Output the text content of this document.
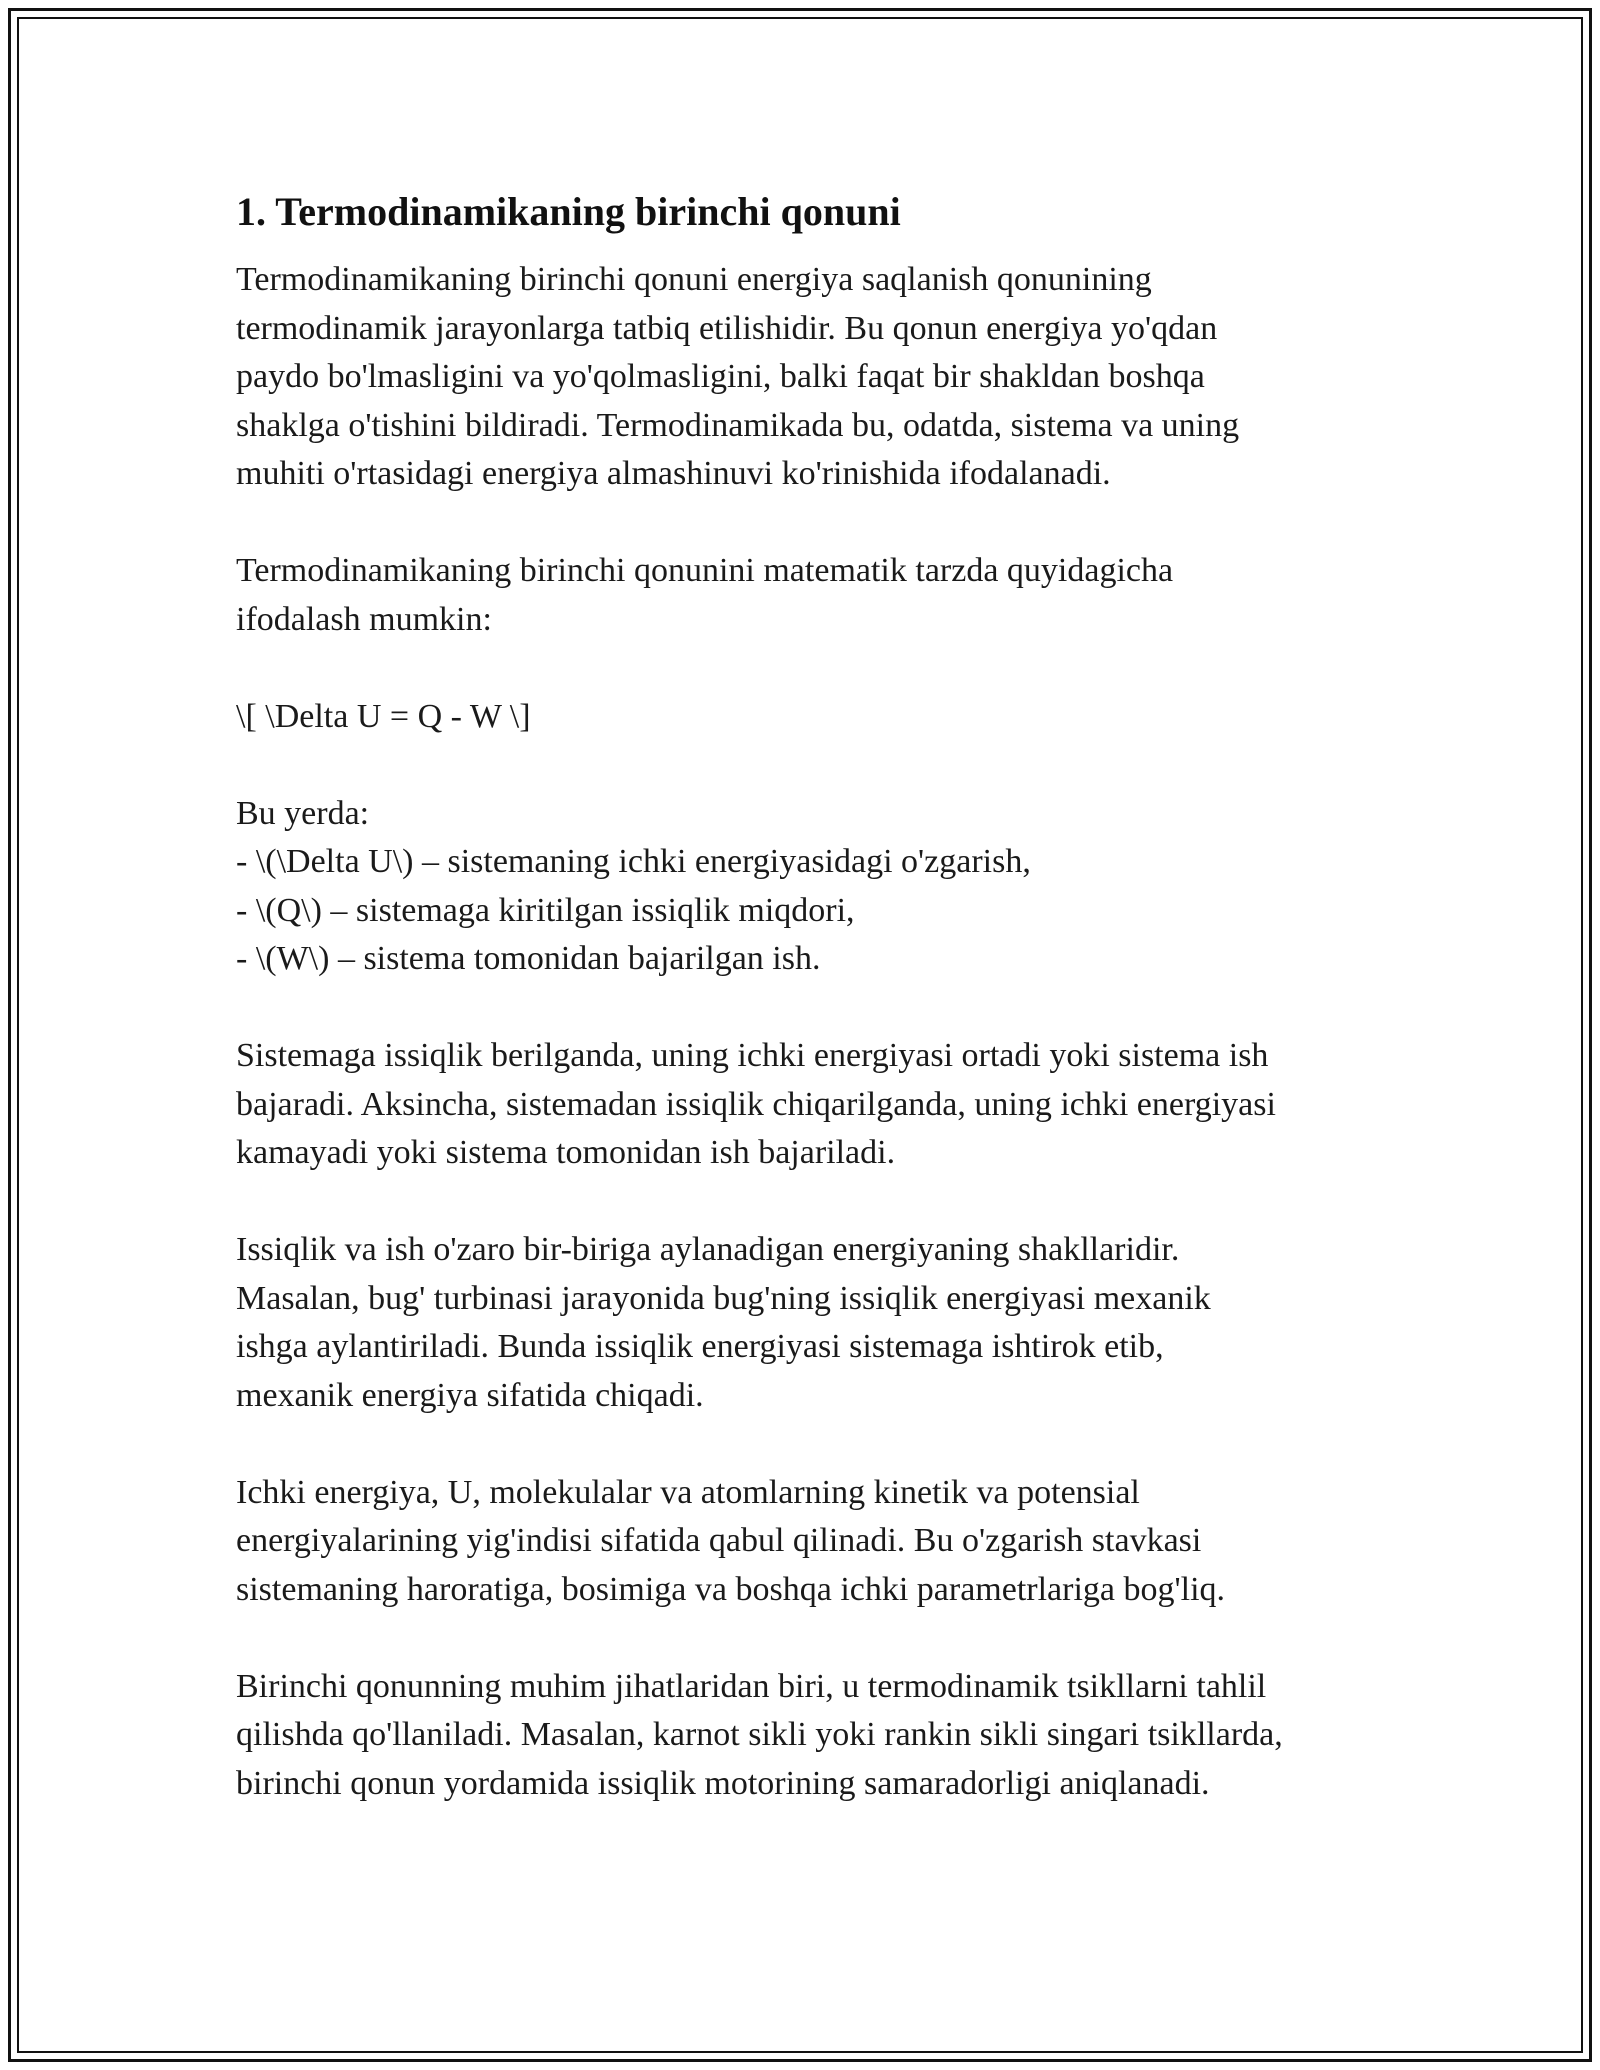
1. Termodinamikaning birinchi qonuni
Termodinamikaning birinchi qonuni energiya saqlanish qonunining
termodinamik jarayonlarga tatbiq etilishidir. Bu qonun energiya yo'qdan
paydo bo'lmasligini va yo'qolmasligini, balki faqat bir shakldan boshqa
shaklga o'tishini bildiradi. Termodinamikada bu, odatda, sistema va uning
muhiti o'rtasidagi energiya almashinuvi ko'rinishida ifodalanadi.
Termodinamikaning birinchi qonunini matematik tarzda quyidagicha
ifodalash mumkin:
\[ \Delta U = Q - W \]
Bu yerda:
- \(\Delta U\) – sistemaning ichki energiyasidagi o'zgarish,
- \(Q\) – sistemaga kiritilgan issiqlik miqdori,
- \(W\) – sistema tomonidan bajarilgan ish.
Sistemaga issiqlik berilganda, uning ichki energiyasi ortadi yoki sistema ish
bajaradi. Aksincha, sistemadan issiqlik chiqarilganda, uning ichki energiyasi
kamayadi yoki sistema tomonidan ish bajariladi.
Issiqlik va ish o'zaro bir-biriga aylanadigan energiyaning shakllaridir.
Masalan, bug' turbinasi jarayonida bug'ning issiqlik energiyasi mexanik
ishga aylantiriladi. Bunda issiqlik energiyasi sistemaga ishtirok etib,
mexanik energiya sifatida chiqadi.
Ichki energiya, U, molekulalar va atomlarning kinetik va potensial
energiyalarining yig'indisi sifatida qabul qilinadi. Bu o'zgarish stavkasi
sistemaning haroratiga, bosimiga va boshqa ichki parametrlariga bog'liq.
Birinchi qonunning muhim jihatlaridan biri, u termodinamik tsikllarni tahlil
qilishda qo'llaniladi. Masalan, karnot sikli yoki rankin sikli singari tsikllarda,
birinchi qonun yordamida issiqlik motorining samaradorligi aniqlanadi.
